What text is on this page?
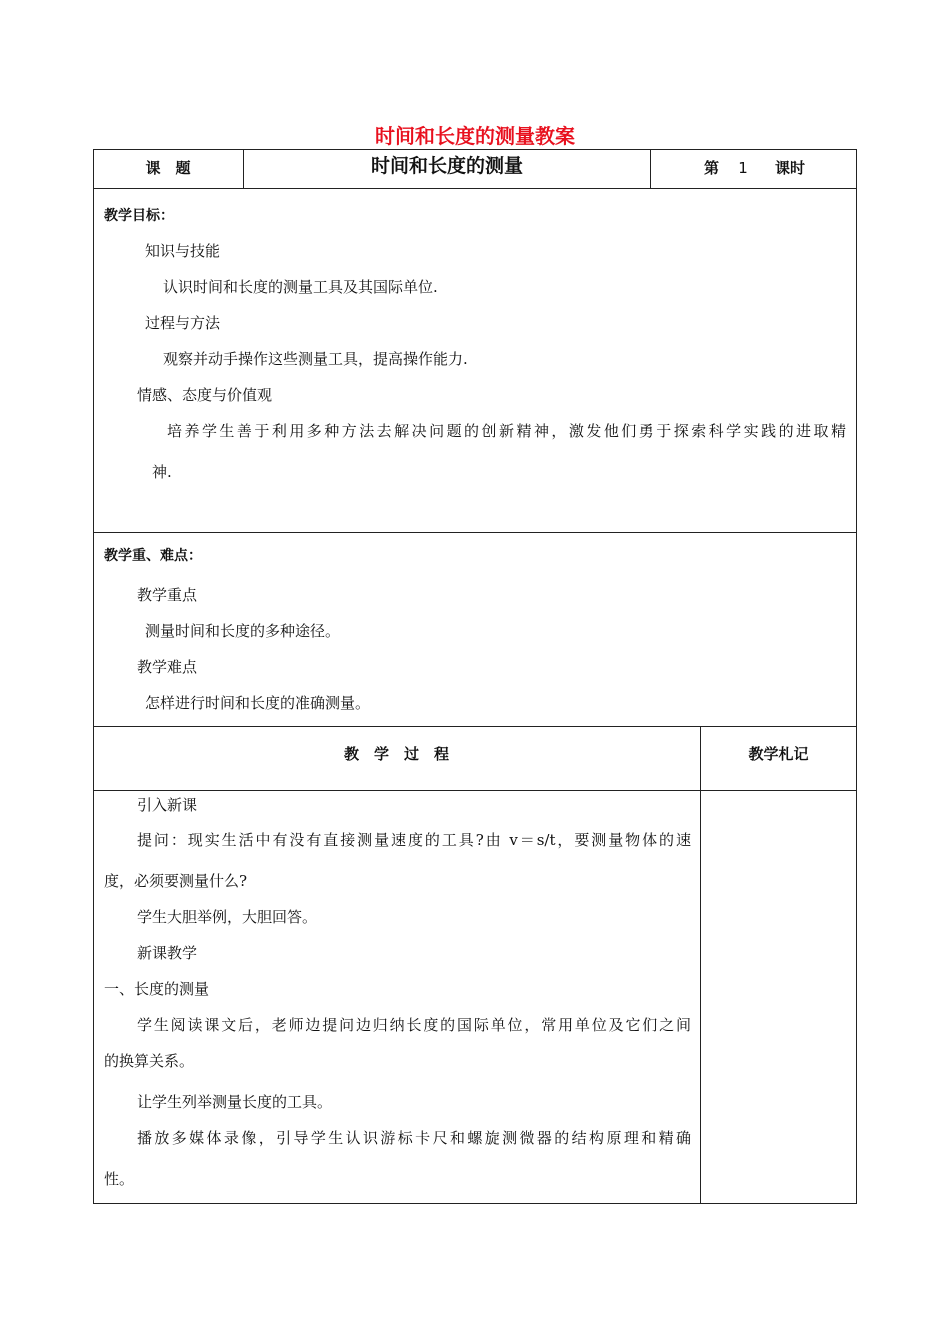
时间和长度的测量教案
课　题	时间和长度的测量	第 1 课时
教学目标：
知识与技能
认识时间和长度的测量工具及其国际单位.
过程与方法
观察并动手操作这些测量工具，提高操作能力.
情感、态度与价值观
培养学生善于利用多种方法去解决问题的创新精神，激发他们勇于探索科学实践的进取精
神.
教学重、难点：
教学重点
测量时间和长度的多种途径。
教学难点
怎样进行时间和长度的准确测量。
教　学　过　程	教学札记
引入新课
提问：现实生活中有没有直接测量速度的工具?由 v＝s/t，要测量物体的速
度，必须要测量什么?
学生大胆举例，大胆回答。
新课教学
一、长度的测量
学生阅读课文后，老师边提问边归纳长度的国际单位，常用单位及它们之间
的换算关系。
让学生列举测量长度的工具。
播放多媒体录像，引导学生认识游标卡尺和螺旋测微器的结构原理和精确
性。
